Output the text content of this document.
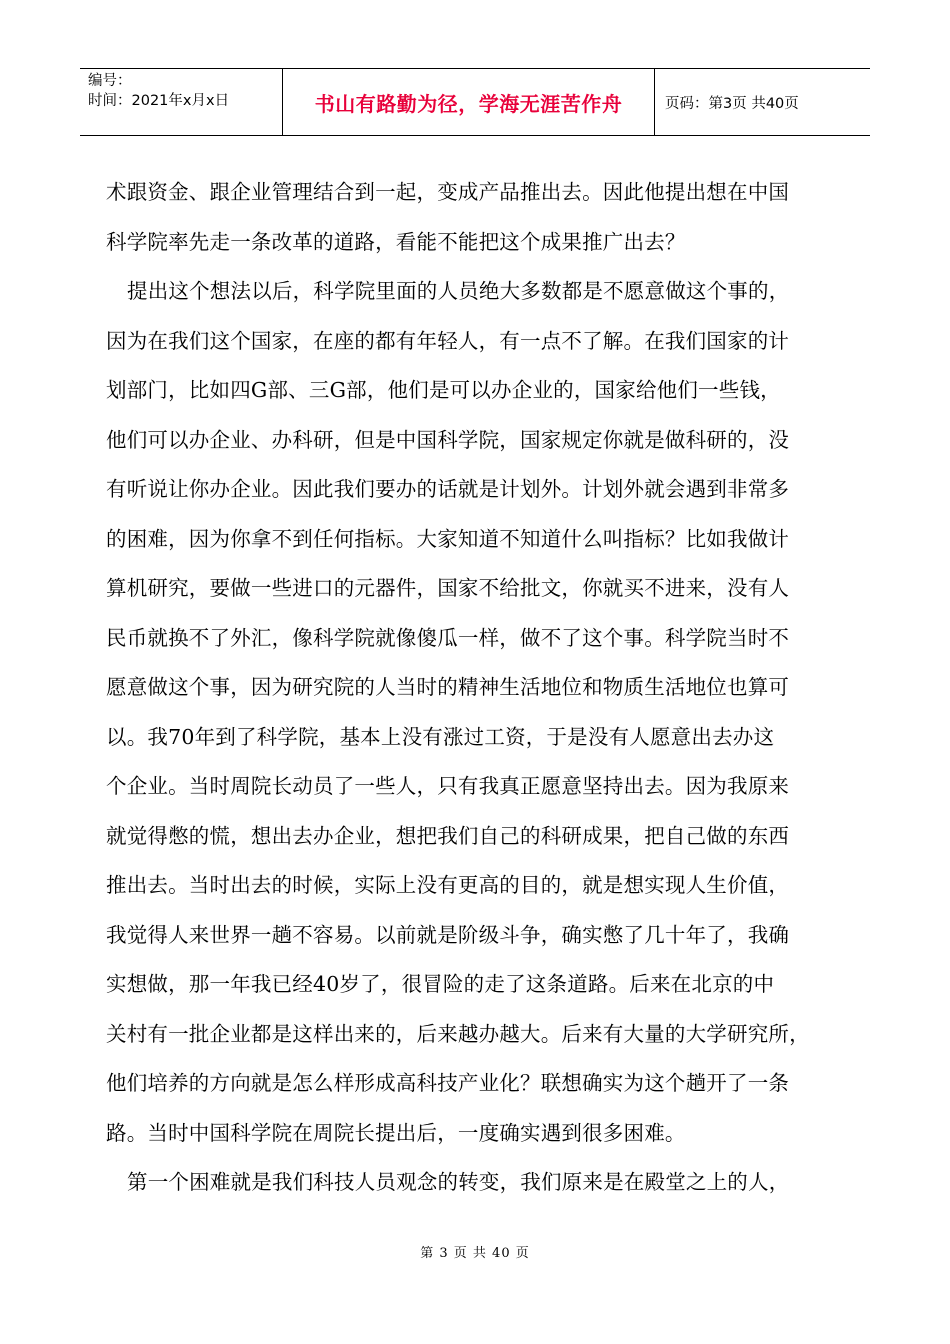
编号：
时间：2021年x月x日	书山有路勤为径，学海无涯苦作舟	页码：第3页 共40页
术跟资金、跟企业管理结合到一起，变成产品推出去。因此他提出想在中国
科学院率先走一条改革的道路，看能不能把这个成果推广出去？
提出这个想法以后，科学院里面的人员绝大多数都是不愿意做这个事的，
因为在我们这个国家，在座的都有年轻人，有一点不了解。在我们国家的计
划部门，比如四G部、三G部，他们是可以办企业的，国家给他们一些钱，
他们可以办企业、办科研，但是中国科学院，国家规定你就是做科研的，没
有听说让你办企业。因此我们要办的话就是计划外。计划外就会遇到非常多
的困难，因为你拿不到任何指标。大家知道不知道什么叫指标？比如我做计
算机研究，要做一些进口的元器件，国家不给批文，你就买不进来，没有人
民币就换不了外汇，像科学院就像傻瓜一样，做不了这个事。科学院当时不
愿意做这个事，因为研究院的人当时的精神生活地位和物质生活地位也算可
以。我70年到了科学院，基本上没有涨过工资，于是没有人愿意出去办这
个企业。当时周院长动员了一些人，只有我真正愿意坚持出去。因为我原来
就觉得憋的慌，想出去办企业，想把我们自己的科研成果，把自己做的东西
推出去。当时出去的时候，实际上没有更高的目的，就是想实现人生价值，
我觉得人来世界一趟不容易。以前就是阶级斗争，确实憋了几十年了，我确
实想做，那一年我已经40岁了，很冒险的走了这条道路。后来在北京的中
关村有一批企业都是这样出来的，后来越办越大。后来有大量的大学研究所，
他们培养的方向就是怎么样形成高科技产业化？联想确实为这个趟开了一条
路。当时中国科学院在周院长提出后，一度确实遇到很多困难。
第一个困难就是我们科技人员观念的转变，我们原来是在殿堂之上的人，
第 3 页 共 40 页
